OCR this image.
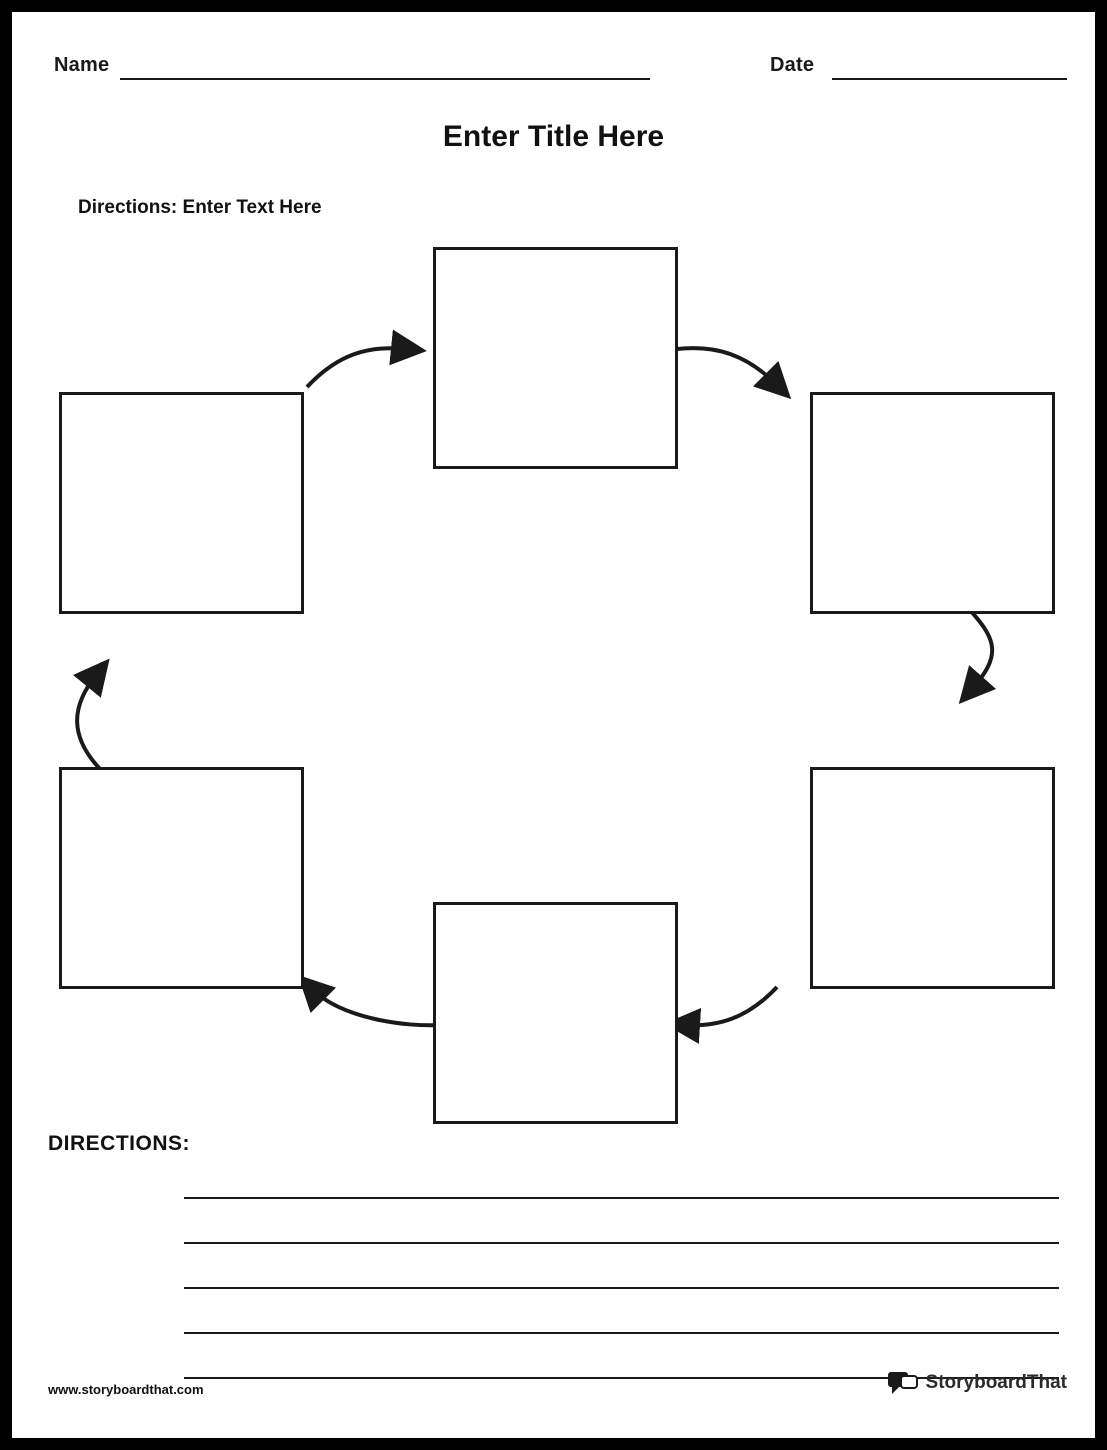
Name	Date
Enter Title Here
Directions: Enter Text Here
DIRECTIONS:
www.storyboardthat.com	StoryboardThat
